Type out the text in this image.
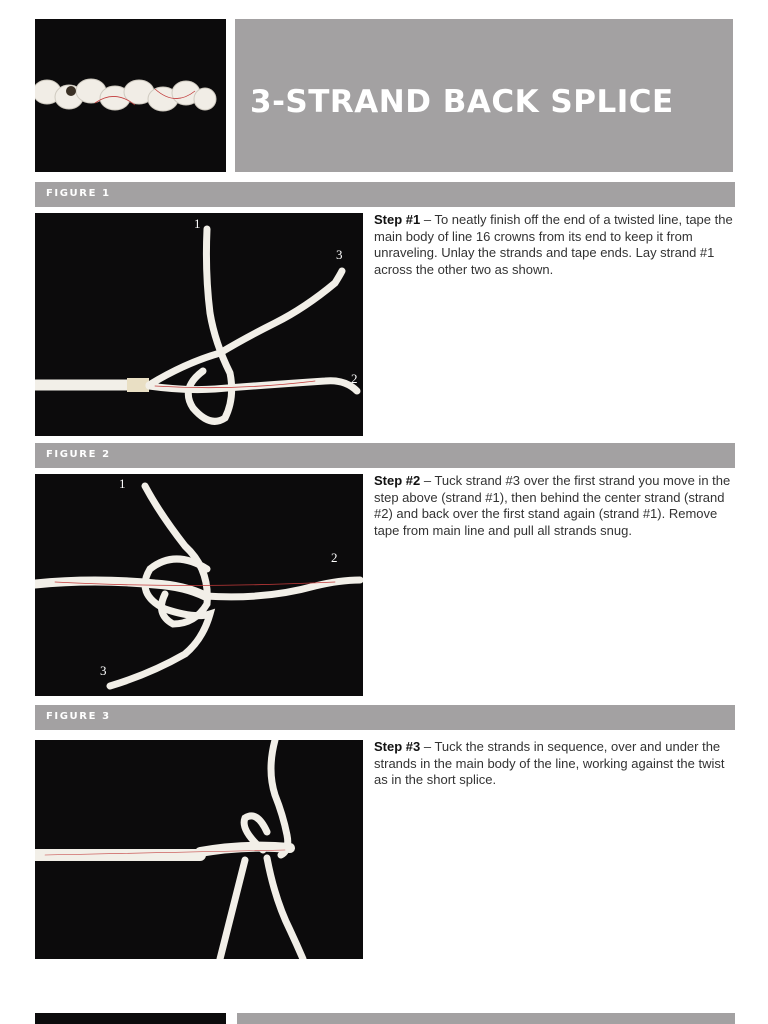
3-STRAND BACK SPLICE
FIGURE 1
1
3
2
Step #1 – To neatly finish off the end of a twisted line, tape the main body of line 16 crowns from its end to keep it from unraveling. Unlay the strands and tape ends. Lay strand #1 across the other two as shown.
FIGURE 2
1
2
3
Step #2 – Tuck strand #3 over the first strand you move in the step above (strand #1), then behind the center strand (strand #2) and back over the first stand again (strand #1). Remove tape from main line and pull all strands snug.
FIGURE 3
Step #3 – Tuck the strands in sequence, over and under the strands in the main body of the line, working against the twist as in the short splice.
